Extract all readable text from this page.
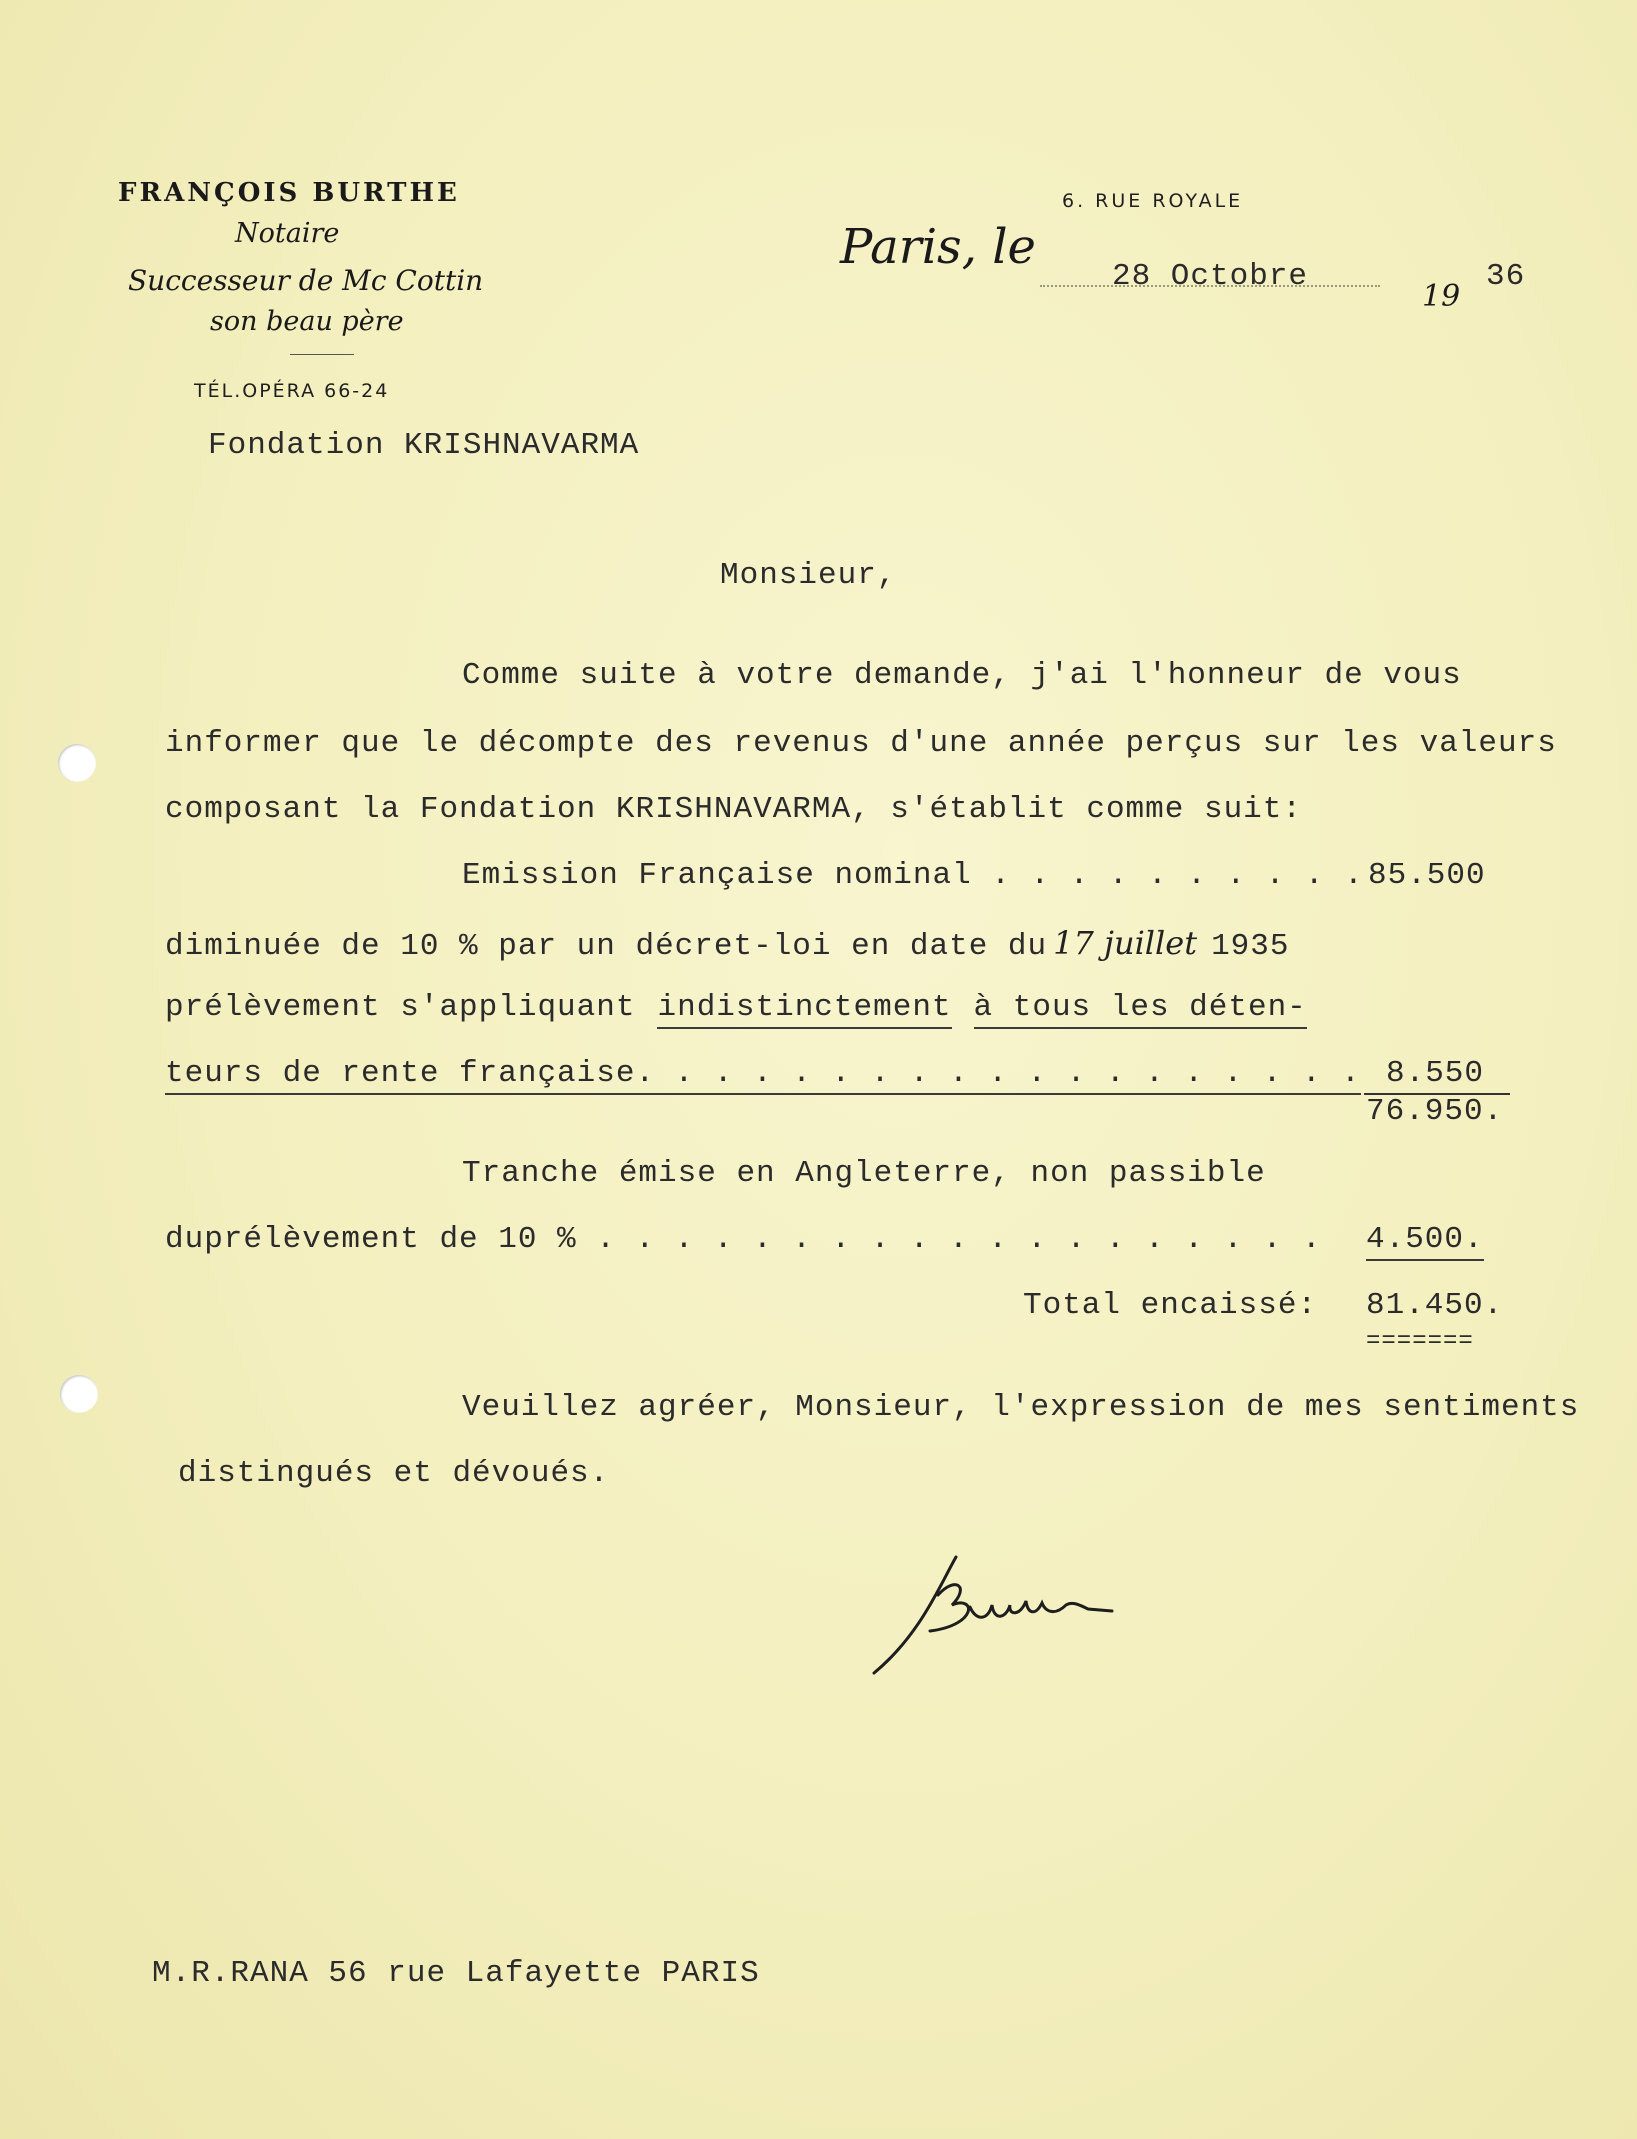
FRANÇOIS BURTHE
Notaire
Successeur de Mc Cottin
son beau père
TÉL.OPÉRA 66-24
6. RUE ROYALE
Paris, le
28 Octobre
19
36
Fondation KRISHNAVARMA
Monsieur,
Comme suite à votre demande, j'ai l'honneur de vous
informer que le décompte des revenus d'une année perçus sur les valeurs
composant la Fondation KRISHNAVARMA, s'établit comme suit:
Emission Française nominal . . . . . . . . . . 85.500
diminuée de 10 % par un décret-loi en date du 17 juillet 1935
prélèvement s'appliquant indistinctement à tous les déten-
teurs de rente française. . . . . . . . . . . . . . . . . . . 8.550
76.950.
Tranche émise en Angleterre, non passible
duprélèvement de 10 % . . . . . . . . . . . . . . . . . . . 4.500.
Total encaissé: 81.450.
=======
Veuillez agréer, Monsieur, l'expression de mes sentiments
distingués et dévoués.
M.R.RANA 56 rue Lafayette PARIS
